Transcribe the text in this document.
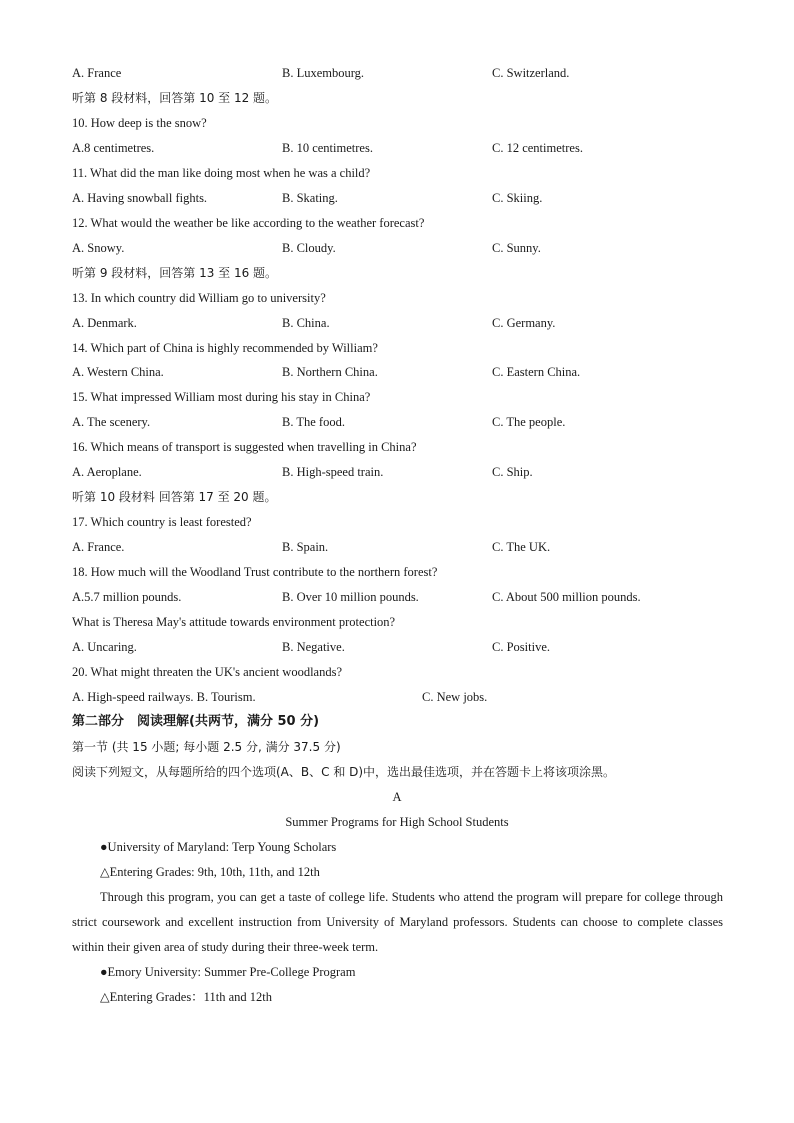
A. France	B. Luxembourg.	C. Switzerland.
听第 8 段材料，回答第 10 至 12 题。
10. How deep is the snow?
A.8 centimetres.	B. 10 centimetres.	C. 12 centimetres.
11. What did the man like doing most when he was a child?
A. Having snowball fights.	B. Skating.	C. Skiing.
12. What would the weather be like according to the weather forecast?
A. Snowy.	B. Cloudy.	C. Sunny.
听第 9 段材料，回答第 13 至 16 题。
13. In which country did William go to university?
A. Denmark.	B. China.	C. Germany.
14. Which part of China is highly recommended by William?
A. Western China.	B. Northern China.	C. Eastern China.
15. What impressed William most during his stay in China?
A. The scenery.	B. The food.	C. The people.
16. Which means of transport is suggested when travelling in China?
A. Aeroplane.	B. High-speed train.	C. Ship.
听第 10 段材料 回答第 17 至 20 题。
17. Which country is least forested?
A. France.	B. Spain.	C. The UK.
18. How much will the Woodland Trust contribute to the northern forest?
A.5.7 million pounds.	B. Over 10 million pounds.	C. About 500 million pounds.
What is Theresa May's attitude towards environment protection?
A. Uncaring.	B. Negative.	C. Positive.
20. What might threaten the UK's ancient woodlands?
A. High-speed railways. B. Tourism.	C. New jobs.
第二部分　阅读理解(共两节，满分 50 分)
第一节 (共 15 小题; 每小题 2.5 分, 满分 37.5 分)
阅读下列短文，从每题所给的四个选项(A、B、C 和 D)中，选出最佳选项，并在答题卡上将该项涂黑。
A
Summer Programs for High School Students
●University of Maryland: Terp Young Scholars
△Entering Grades: 9th, 10th, 11th, and 12th
Through this program, you can get a taste of college life. Students who attend the program will prepare for college through strict coursework and excellent instruction from University of Maryland professors. Students can choose to complete classes within their given area of study during their three-week term.
●Emory University: Summer Pre-College Program
△Entering Grades：11th and 12th
